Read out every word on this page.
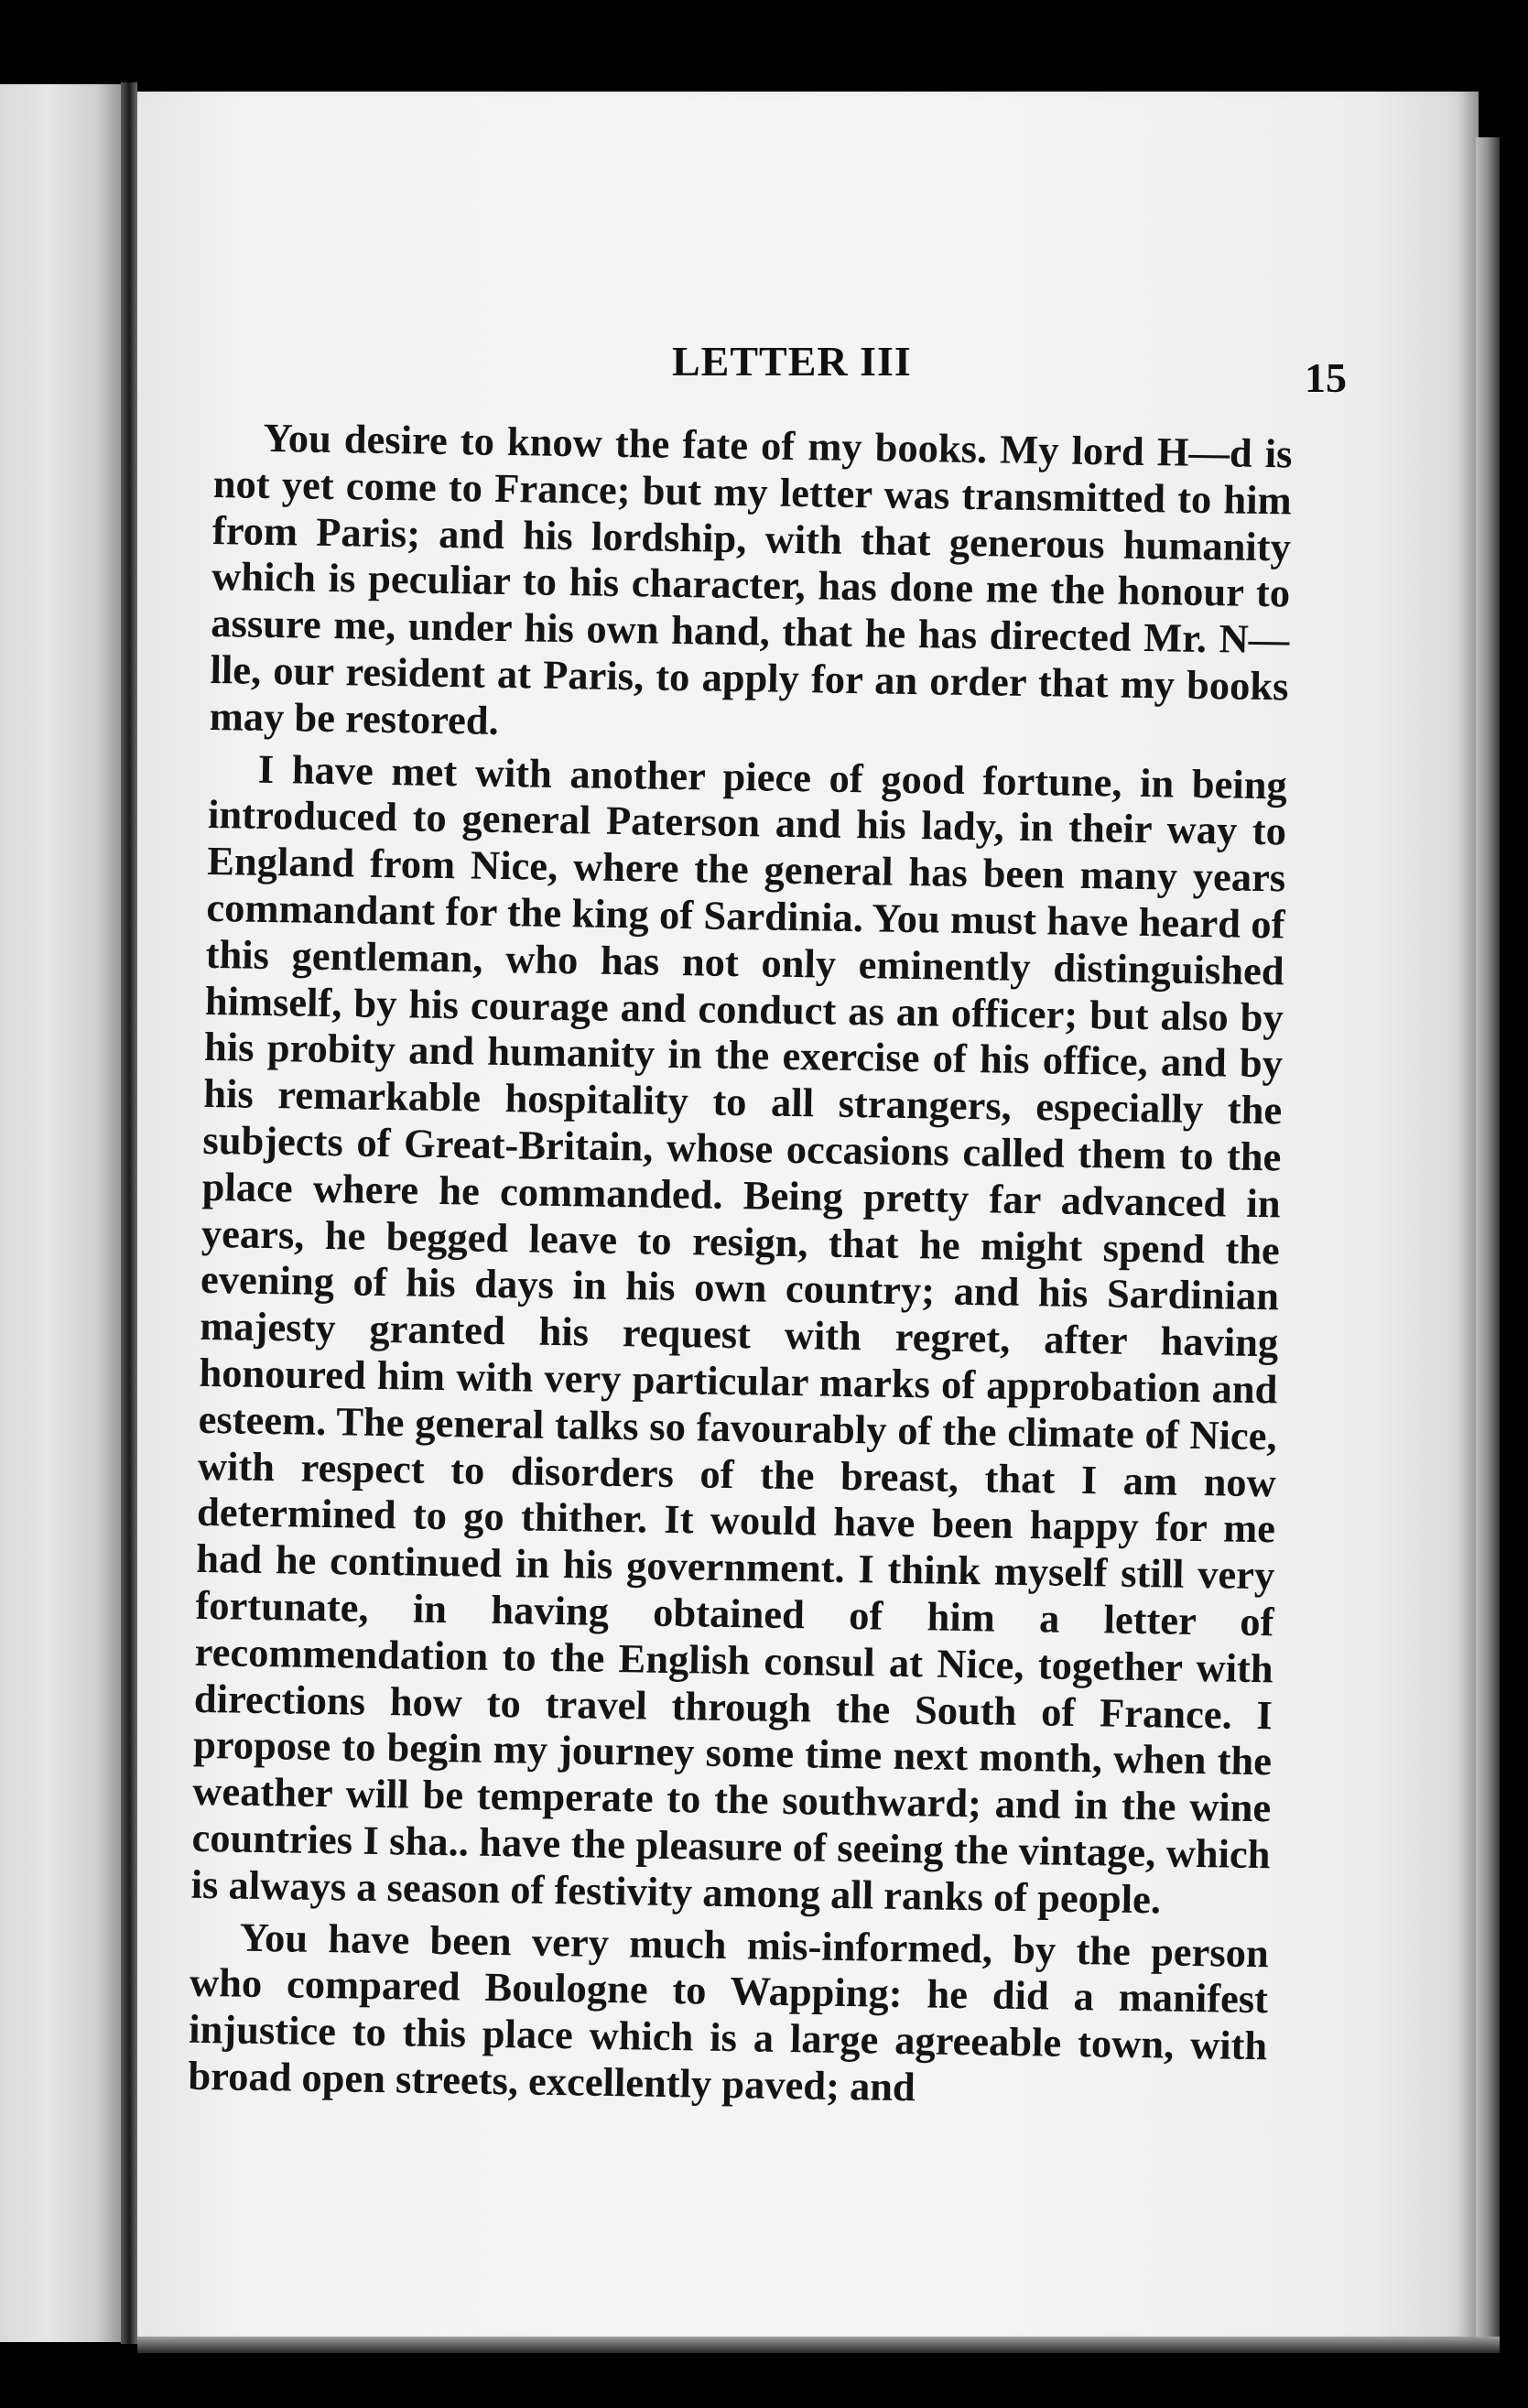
LETTER III	15

You desire to know the fate of my books. My lord H—d is not yet come to France; but my letter was transmitted to him from Paris; and his lordship, with that generous humanity which is peculiar to his character, has done me the honour to assure me, under his own hand, that he has directed Mr. N—lle, our resident at Paris, to apply for an order that my books may be restored.

I have met with another piece of good fortune, in being introduced to general Paterson and his lady, in their way to England from Nice, where the general has been many years commandant for the king of Sardinia. You must have heard of this gentleman, who has not only eminently distinguished himself, by his courage and conduct as an officer; but also by his probity and humanity in the exercise of his office, and by his remarkable hospitality to all strangers, especially the subjects of Great-Britain, whose occasions called them to the place where he commanded. Being pretty far advanced in years, he begged leave to resign, that he might spend the evening of his days in his own country; and his Sardinian majesty granted his request with regret, after having honoured him with very particular marks of approbation and esteem. The general talks so favourably of the climate of Nice, with respect to disorders of the breast, that I am now determined to go thither. It would have been happy for me had he continued in his government. I think myself still very fortunate, in having obtained of him a letter of recommendation to the English consul at Nice, together with directions how to travel through the South of France. I propose to begin my journey some time next month, when the weather will be temperate to the southward; and in the wine countries I sha.. have the pleasure of seeing the vintage, which is always a season of festivity among all ranks of people.

You have been very much mis-informed, by the person who compared Boulogne to Wapping: he did a manifest injustice to this place which is a large agreeable town, with broad open streets, excellently paved; and
